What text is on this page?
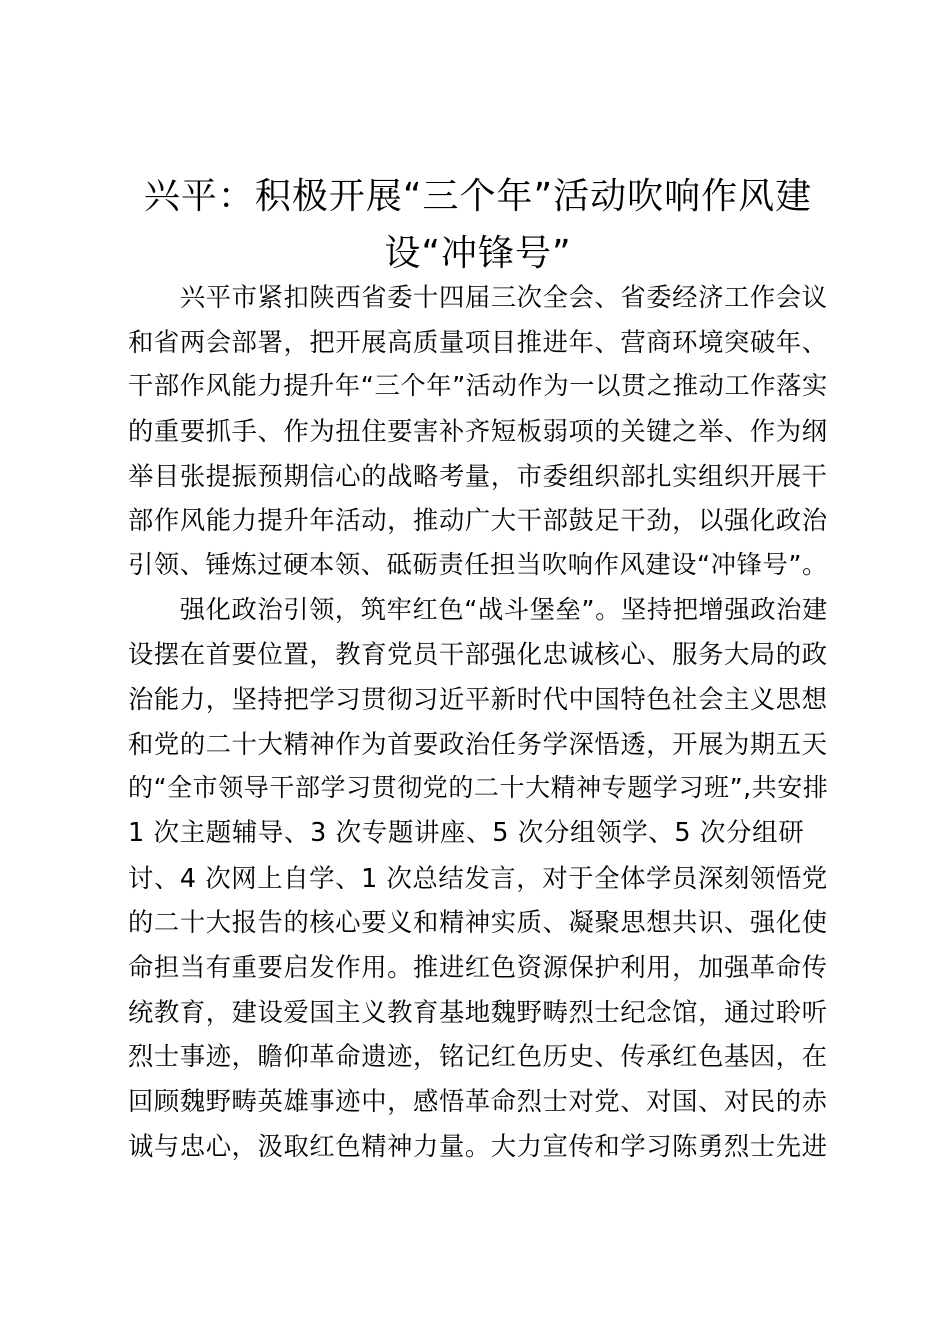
兴平：积极开展“三个年”活动吹响作风建
设“冲锋号”

　　兴平市紧扣陕西省委十四届三次全会、省委经济工作会议

和省两会部署，把开展高质量项目推进年、营商环境突破年、

干部作风能力提升年“三个年”活动作为一以贯之推动工作落实

的重要抓手、作为扭住要害补齐短板弱项的关键之举、作为纲

举目张提振预期信心的战略考量，市委组织部扎实组织开展干

部作风能力提升年活动，推动广大干部鼓足干劲，以强化政治

引领、锤炼过硬本领、砥砺责任担当吹响作风建设“冲锋号”。

　　强化政治引领，筑牢红色“战斗堡垒”。坚持把增强政治建

设摆在首要位置，教育党员干部强化忠诚核心、服务大局的政

治能力，坚持把学习贯彻习近平新时代中国特色社会主义思想

和党的二十大精神作为首要政治任务学深悟透，开展为期五天

的“全市领导干部学习贯彻党的二十大精神专题学习班”,共安排

1 次主题辅导、3 次专题讲座、5 次分组领学、5 次分组研

讨、4 次网上自学、1 次总结发言，对于全体学员深刻领悟党

的二十大报告的核心要义和精神实质、凝聚思想共识、强化使

命担当有重要启发作用。推进红色资源保护利用，加强革命传

统教育，建设爱国主义教育基地魏野畴烈士纪念馆，通过聆听

烈士事迹，瞻仰革命遗迹，铭记红色历史、传承红色基因，在

回顾魏野畴英雄事迹中，感悟革命烈士对党、对国、对民的赤

诚与忠心，汲取红色精神力量。大力宣传和学习陈勇烈士先进
